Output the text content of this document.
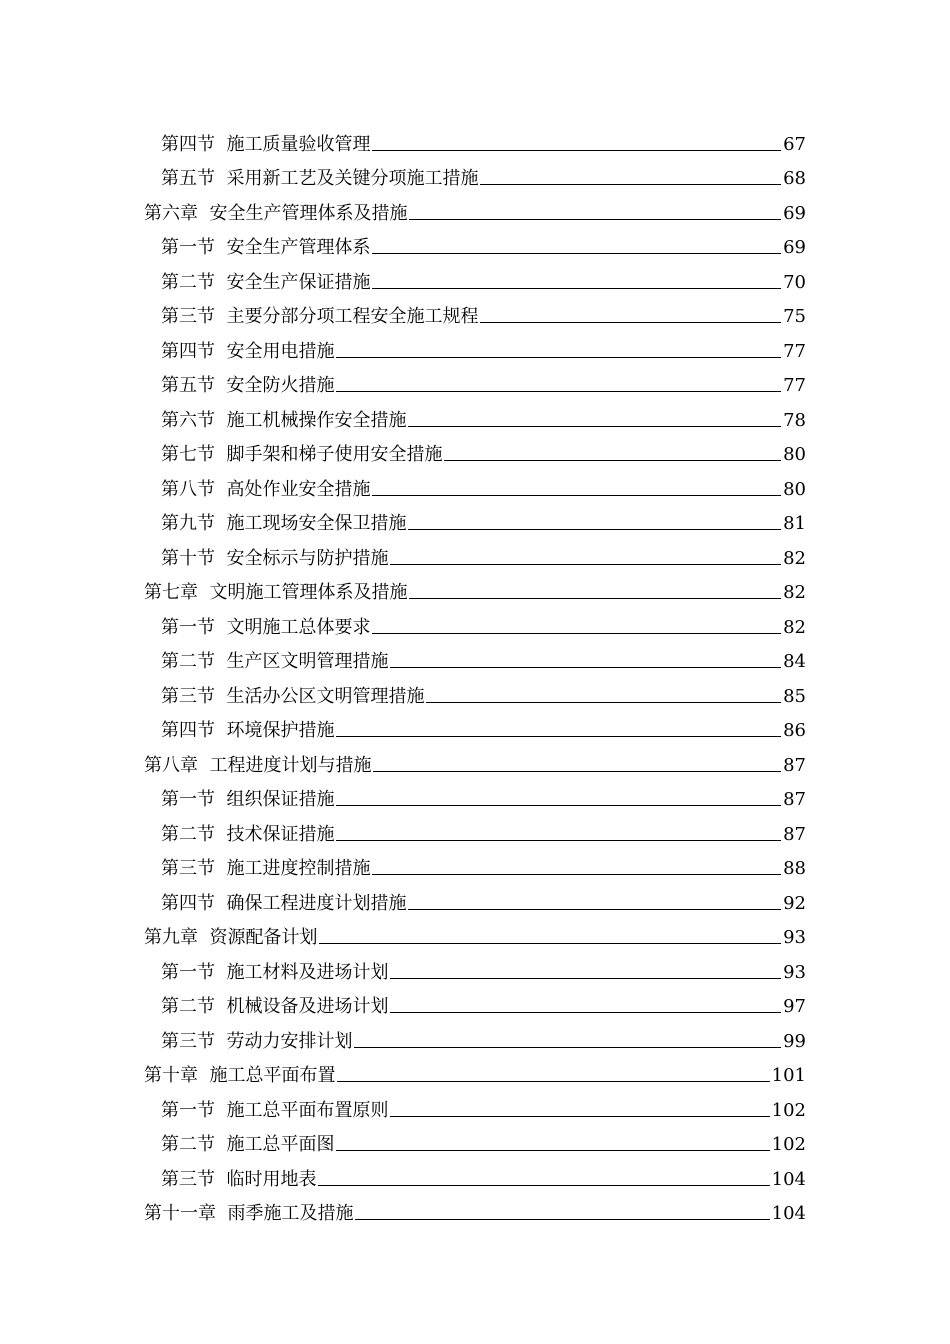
第四节  施工质量验收管理	67
第五节  采用新工艺及关键分项施工措施	68
第六章  安全生产管理体系及措施	69
第一节  安全生产管理体系	69
第二节  安全生产保证措施	70
第三节  主要分部分项工程安全施工规程	75
第四节  安全用电措施	77
第五节  安全防火措施	77
第六节  施工机械操作安全措施	78
第七节  脚手架和梯子使用安全措施	80
第八节  高处作业安全措施	80
第九节  施工现场安全保卫措施	81
第十节  安全标示与防护措施	82
第七章  文明施工管理体系及措施	82
第一节  文明施工总体要求	82
第二节  生产区文明管理措施	84
第三节  生活办公区文明管理措施	85
第四节  环境保护措施	86
第八章  工程进度计划与措施	87
第一节  组织保证措施	87
第二节  技术保证措施	87
第三节  施工进度控制措施	88
第四节  确保工程进度计划措施	92
第九章  资源配备计划	93
第一节  施工材料及进场计划	93
第二节  机械设备及进场计划	97
第三节  劳动力安排计划	99
第十章  施工总平面布置	101
第一节  施工总平面布置原则	102
第二节  施工总平面图	102
第三节  临时用地表	104
第十一章  雨季施工及措施	104
